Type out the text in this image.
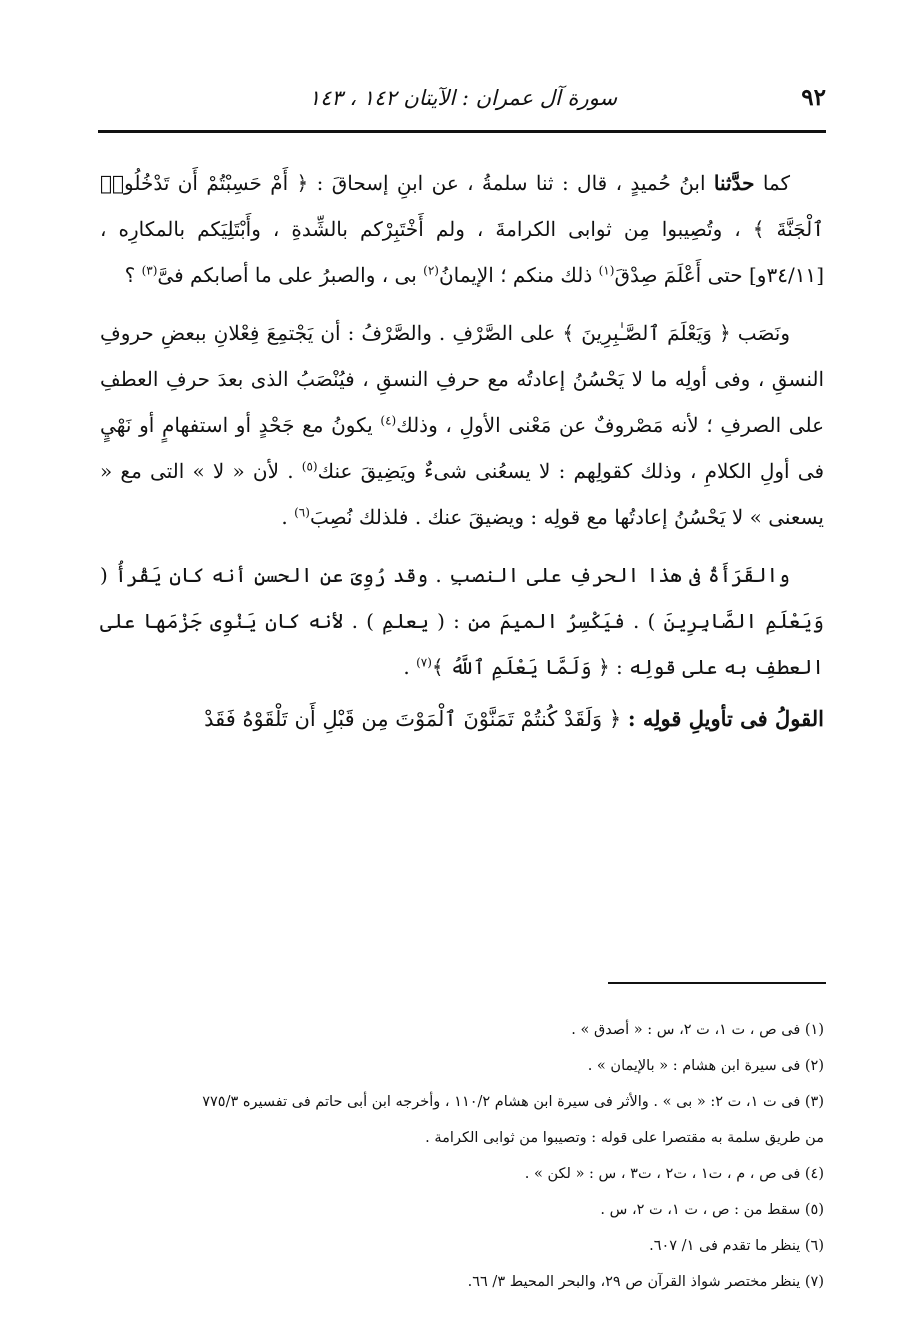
٩٢
سورة آل عمران : الآيتان ١٤٢ ، ١٤٣

كما حدَّثنا ابنُ حُميدٍ ، قال : ثنا سلمةُ ، عن ابنِ إسحاقَ : ﴿ أَمْ حَسِبْتُمْ أَن تَدْخُلُوا۟ ٱلْجَنَّةَ ﴾ ، وتُصِيبوا مِن ثوابى الكرامةَ ، ولم أَخْتَبِرْكم بالشِّدةِ ، وأَبْتَلِيَكم بالمكارِه ، [٣٤/١١و] حتى أَعْلَمَ صِدْقَ$^{(١)}$ ذلك منكم ؛ الإيمانُ$^{(٢)}$ بى ، والصبرُ على ما أصابكم فىَّ$^{(٣)}$ ؟

ونَصَب ﴿ وَيَعْلَمَ ٱلصَّـٰبِرِينَ ﴾ على الصَّرْفِ . والصَّرْفُ : أن يَجْتمِعَ فِعْلانِ ببعضِ حروفِ النسقِ ، وفى أولِه ما لا يَحْسُنُ إعادتُه مع حرفِ النسقِ ، فيُنْصَبُ الذى بعدَ حرفِ العطفِ على الصرفِ ؛ لأنه مَصْروفٌ عن مَعْنى الأولِ ، وذلك$^{(٤)}$ يكونُ مع جَحْدٍ أو استفهامٍ أو نَهْيٍ فى أولِ الكلامِ ، وذلك كقولِهم : لا يسعُنى شىءٌ ويَضِيقَ عنك$^{(٥)}$ . لأن « لا » التى مع « يسعنى » لا يَحْسُنُ إعادتُها مع قولِه : ويضيقَ عنك . فلذلك نُصِبَ$^{(٦)}$ .

والقَرَأَةُ فى هذا الحرفِ على النصبِ . وقد رُوِىَ عن الحسنِ أنه كان يَقْرأُ ( وَيَعْلَمِ الصَّابِرِينَ ) . فيَكْسِرُ الميمَ من : ( يعلمِ ) . لأنه كان يَنْوِى جَزْمَها على العطفِ به على قولِه : ﴿ وَلَمَّا يَعْلَمِ ٱللَّهُ ﴾$^{(٧)}$ .

القولُ فى تأويلِ قولِه : ﴿ وَلَقَدْ كُنتُمْ تَمَنَّوْنَ ٱلْمَوْتَ مِن قَبْلِ أَن تَلْقَوْهُ فَقَدْ

(١) فى ص ، ت ١، ت ٢، س : « أصدق » .

(٢) فى سيرة ابن هشام : « بالإيمان » .

(٣) فى ت ١، ت ٢: « بى » . والأثر فى سيرة ابن هشام ١١٠/٢ ، وأخرجه ابن أبى حاتم فى تفسيره ٧٧٥/٣

من طريق سلمة به مقتصرا على قوله : وتصيبوا من ثوابى الكرامة .

(٤) فى ص ، م ، ت١ ، ت٢ ، ت٣ ، س : « لكن » .

(٥) سقط من : ص ، ت ١، ت ٢، س .

(٦) ينظر ما تقدم فى ١/ ٦٠٧.

(٧) ينظر مختصر شواذ القرآن ص ٢٩، والبحر المحيط ٣/ ٦٦.
